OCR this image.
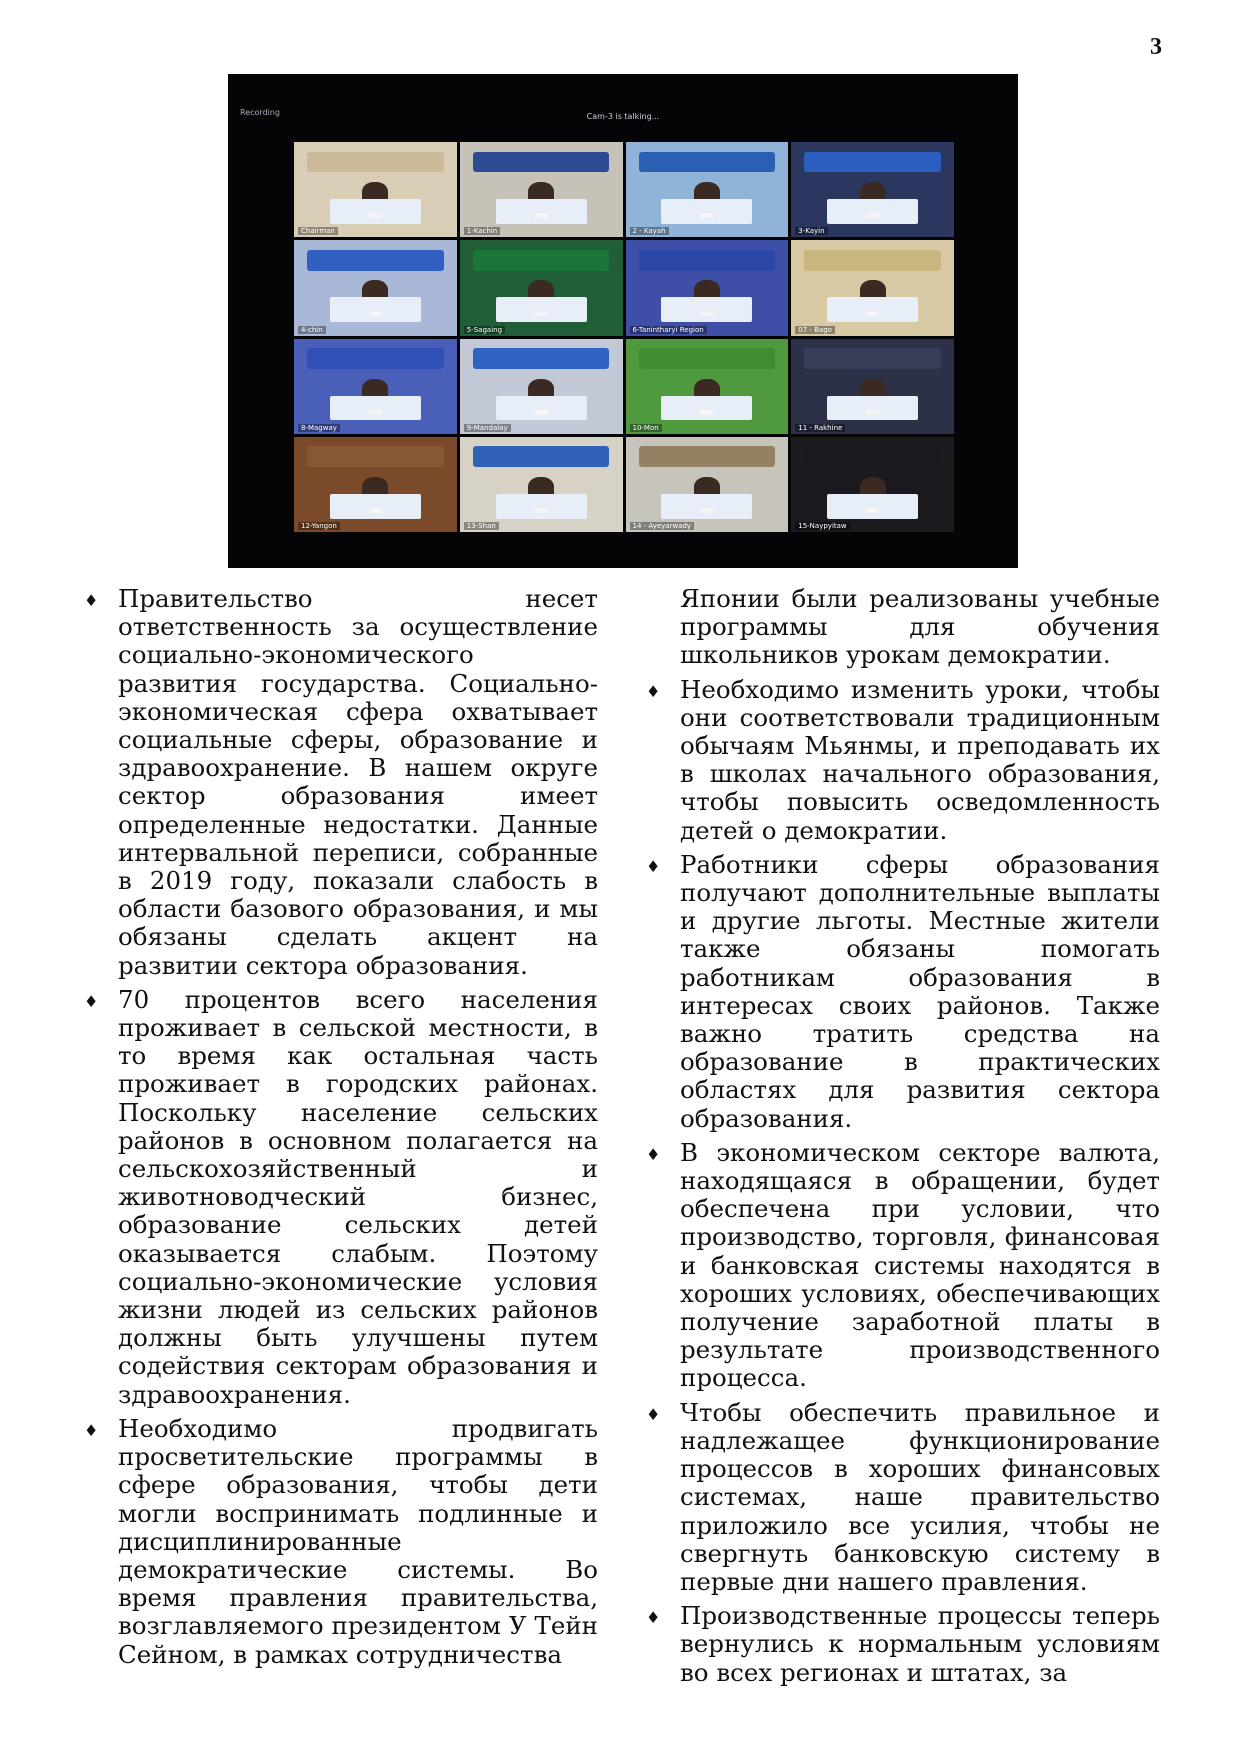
3
Recording	Cam-3 is talking...
Chairman	1-Kachin	2 - Kayah	3-Kayin
4-chin	5-Sagaing	6-Tanintharyi Region	07 - Bago
8-Magway	9-Mandalay	10-Mon	11 - Rakhine
12-Yangon	13-Shan	14 - Ayeyarwady	15-Naypyitaw
♦ Правительство несет ответственность за осуществление социально-экономического развития государства. Социально-экономическая сфера охватывает социальные сферы, образование и здравоохранение. В нашем округе сектор образования имеет определенные недостатки. Данные интервальной переписи, собранные в 2019 году, показали слабость в области базового образования, и мы обязаны сделать акцент на развитии сектора образования.
♦ 70 процентов всего населения проживает в сельской местности, в то время как остальная часть проживает в городских районах. Поскольку население сельских районов в основном полагается на сельскохозяйственный и животноводческий бизнес, образование сельских детей оказывается слабым. Поэтому социально-экономические условия жизни людей из сельских районов должны быть улучшены путем содействия секторам образования и здравоохранения.
♦ Необходимо продвигать просветительские программы в сфере образования, чтобы дети могли воспринимать подлинные и дисциплинированные демократические системы. Во время правления правительства, возглавляемого президентом У Тейн Сейном, в рамках сотрудничества
Японии были реализованы учебные программы для обучения школьников урокам демократии.
♦ Необходимо изменить уроки, чтобы они соответствовали традиционным обычаям Мьянмы, и преподавать их в школах начального образования, чтобы повысить осведомленность детей о демократии.
♦ Работники сферы образования получают дополнительные выплаты и другие льготы. Местные жители также обязаны помогать работникам образования в интересах своих районов. Также важно тратить средства на образование в практических областях для развития сектора образования.
♦ В экономическом секторе валюта, находящаяся в обращении, будет обеспечена при условии, что производство, торговля, финансовая и банковская системы находятся в хороших условиях, обеспечивающих получение заработной платы в результате производственного процесса.
♦ Чтобы обеспечить правильное и надлежащее функционирование процессов в хороших финансовых системах, наше правительство приложило все усилия, чтобы не свергнуть банковскую систему в первые дни нашего правления.
♦ Производственные процессы теперь вернулись к нормальным условиям во всех регионах и штатах, за
